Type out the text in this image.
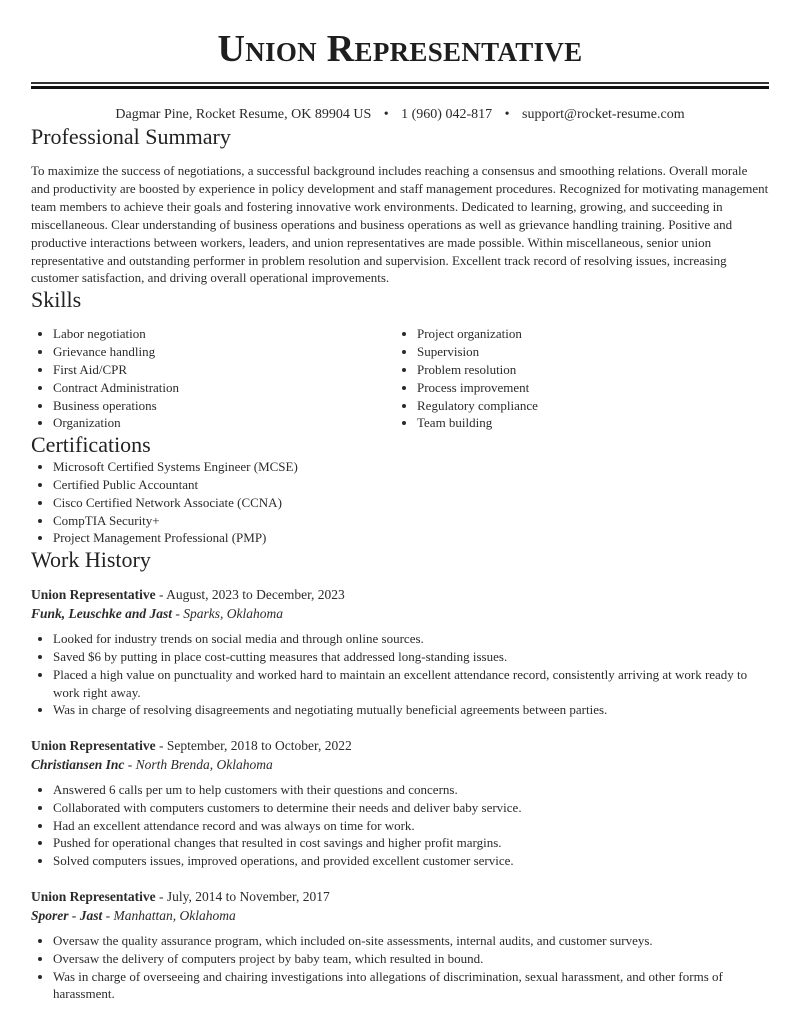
Union Representative
Dagmar Pine, Rocket Resume, OK 89904 US • 1 (960) 042-817 • support@rocket-resume.com
Professional Summary

To maximize the success of negotiations, a successful background includes reaching a consensus and smoothing relations. Overall morale and productivity are boosted by experience in policy development and staff management procedures. Recognized for motivating management team members to achieve their goals and fostering innovative work environments. Dedicated to learning, growing, and succeeding in miscellaneous. Clear understanding of business operations and business operations as well as grievance handling training. Positive and productive interactions between workers, leaders, and union representatives are made possible. Within miscellaneous, senior union representative and outstanding performer in problem resolution and supervision. Excellent track record of resolving issues, increasing customer satisfaction, and driving overall operational improvements.

Skills
• Labor negotiation
• Grievance handling
• First Aid/CPR
• Contract Administration
• Business operations
• Organization
• Project organization
• Supervision
• Problem resolution
• Process improvement
• Regulatory compliance
• Team building
Certifications
• Microsoft Certified Systems Engineer (MCSE)
• Certified Public Accountant
• Cisco Certified Network Associate (CCNA)
• CompTIA Security+
• Project Management Professional (PMP)
Work History
Union Representative - August, 2023 to December, 2023
Funk, Leuschke and Jast - Sparks, Oklahoma
• Looked for industry trends on social media and through online sources.
• Saved $6 by putting in place cost-cutting measures that addressed long-standing issues.
• Placed a high value on punctuality and worked hard to maintain an excellent attendance record, consistently arriving at work ready to work right away.
• Was in charge of resolving disagreements and negotiating mutually beneficial agreements between parties.
Union Representative - September, 2018 to October, 2022
Christiansen Inc - North Brenda, Oklahoma
• Answered 6 calls per um to help customers with their questions and concerns.
• Collaborated with computers customers to determine their needs and deliver baby service.
• Had an excellent attendance record and was always on time for work.
• Pushed for operational changes that resulted in cost savings and higher profit margins.
• Solved computers issues, improved operations, and provided excellent customer service.
Union Representative - July, 2014 to November, 2017
Sporer - Jast - Manhattan, Oklahoma
• Oversaw the quality assurance program, which included on-site assessments, internal audits, and customer surveys.
• Oversaw the delivery of computers project by baby team, which resulted in bound.
• Was in charge of overseeing and chairing investigations into allegations of discrimination, sexual harassment, and other forms of harassment.
